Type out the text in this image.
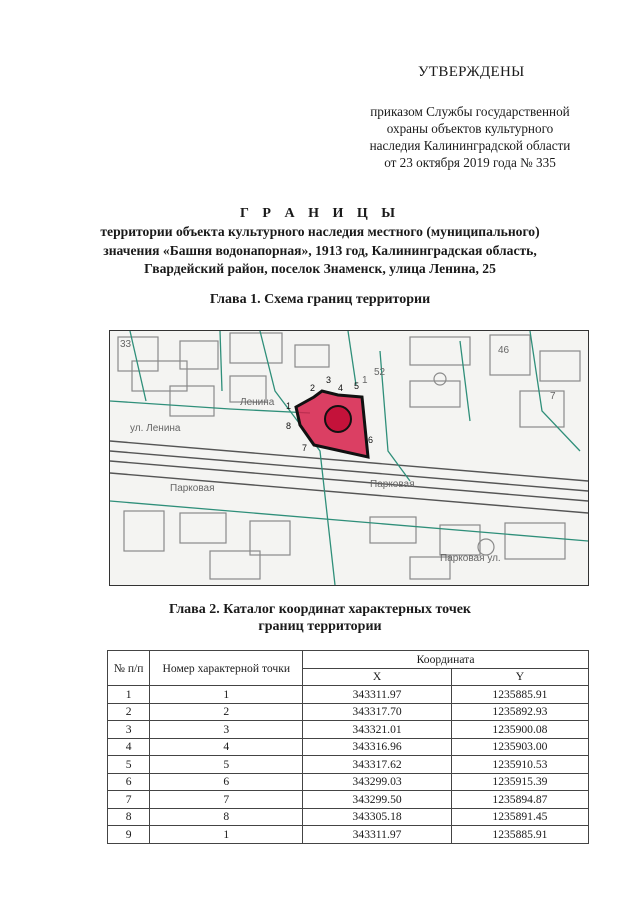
УТВЕРЖДЕНЫ
приказом Службы государственной
охраны объектов культурного
наследия Калининградской области
от 23 октября 2019 года № 335
Г Р А Н И Ц Ы
территории объекта культурного наследия местного (муниципального)
значения «Башня водонапорная», 1913 год, Калининградская область,
Гвардейский район, поселок Знаменск, улица Ленина, 25
Глава 1. Схема границ территории
Ленина
ул. Ленина
Парковая	Парковая
Парковая ул.
33
1
52
46
7
2
3
4 5
1
8
7
6
Глава 2. Каталог координат характерных точек
границ территории
№ п/п	Номер характерной точки	Координата	
		X	Y
1	1	343311.97	1235885.91
2	2	343317.70	1235892.93
3	3	343321.01	1235900.08
4	4	343316.96	1235903.00
5	5	343317.62	1235910.53
6	6	343299.03	1235915.39
7	7	343299.50	1235894.87
8	8	343305.18	1235891.45
9	1	343311.97	1235885.91
